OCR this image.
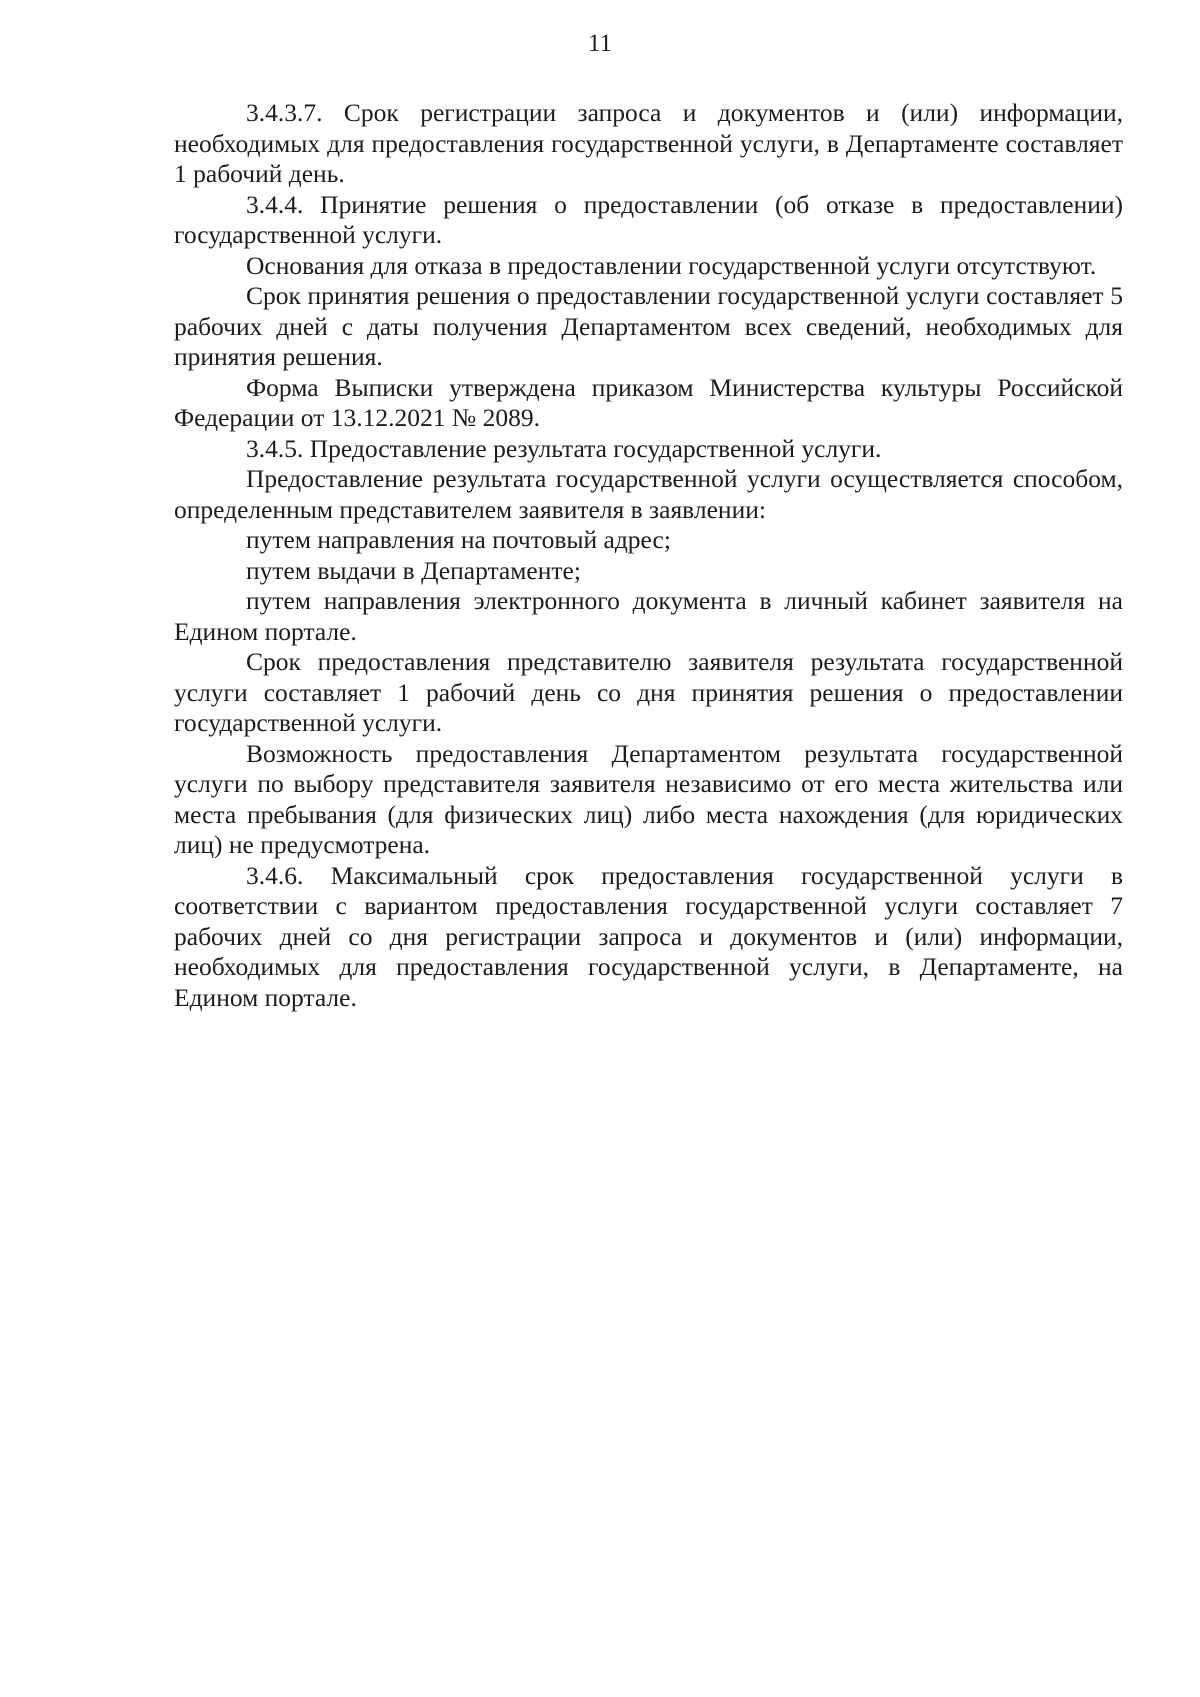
11

3.4.3.7. Срок регистрации запроса и документов и (или) информации, необходимых для предоставления государственной услуги, в Департаменте составляет 1 рабочий день.

3.4.4. Принятие решения о предоставлении (об отказе в предоставлении) государственной услуги.

Основания для отказа в предоставлении государственной услуги отсутствуют.

Срок принятия решения о предоставлении государственной услуги составляет 5 рабочих дней с даты получения Департаментом всех сведений, необходимых для принятия решения.

Форма Выписки утверждена приказом Министерства культуры Российской Федерации от 13.12.2021 № 2089.

3.4.5. Предоставление результата государственной услуги.

Предоставление результата государственной услуги осуществляется способом, определенным представителем заявителя в заявлении:

путем направления на почтовый адрес;

путем выдачи в Департаменте;

путем направления электронного документа в личный кабинет заявителя на Едином портале.

Срок предоставления представителю заявителя результата государственной услуги составляет 1 рабочий день со дня принятия решения о предоставлении государственной услуги.

Возможность предоставления Департаментом результата государственной услуги по выбору представителя заявителя независимо от его места жительства или места пребывания (для физических лиц) либо места нахождения (для юридических лиц) не предусмотрена.

3.4.6. Максимальный срок предоставления государственной услуги в соответствии с вариантом предоставления государственной услуги составляет 7 рабочих дней со дня регистрации запроса и документов и (или) информации, необходимых для предоставления государственной услуги, в Департаменте, на Едином портале.
